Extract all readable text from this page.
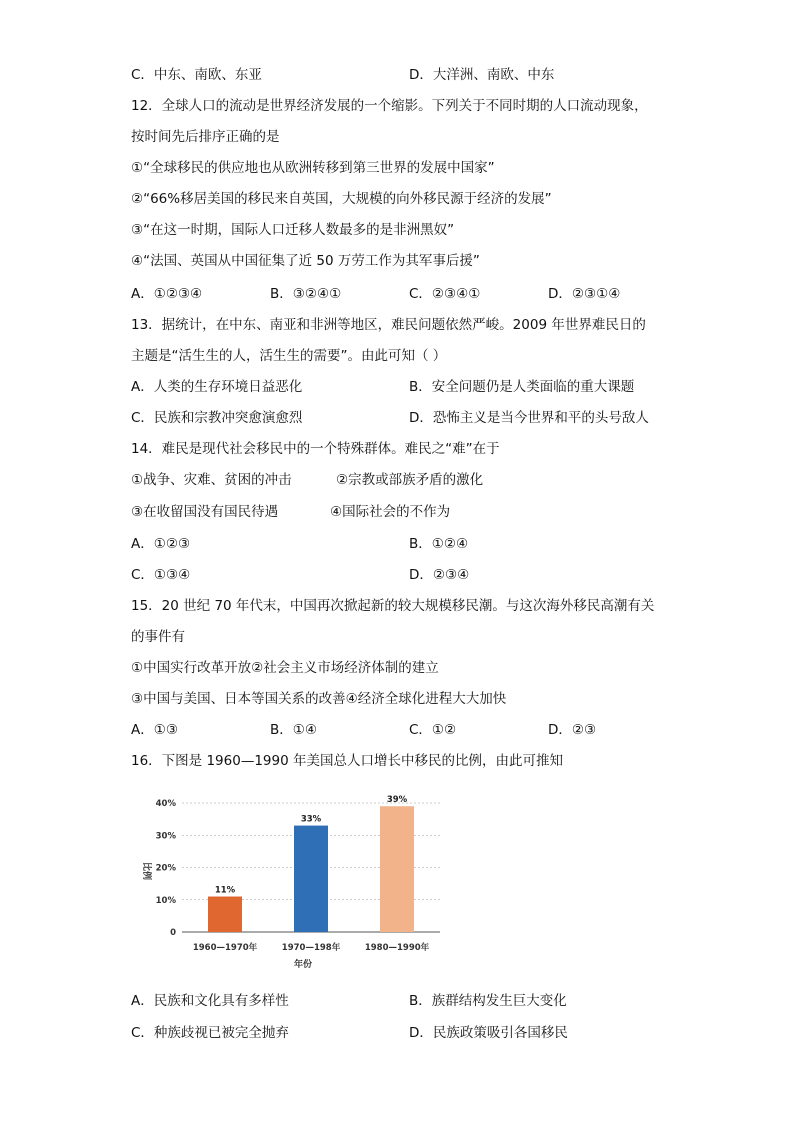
C．中东、南欧、东亚	D．大洋洲、南欧、中东
12．全球人口的流动是世界经济发展的一个缩影。下列关于不同时期的人口流动现象，
按时间先后排序正确的是
①“全球移民的供应地也从欧洲转移到第三世界的发展中国家”
②“66%移居美国的移民来自英国，大规模的向外移民源于经济的发展”
③“在这一时期，国际人口迁移人数最多的是非洲黑奴”
④“法国、英国从中国征集了近 50 万劳工作为其军事后援”
A．①②③④	B．③②④①	C．②③④①	D．②③①④
13．据统计，在中东、南亚和非洲等地区，难民问题依然严峻。2009 年世界难民日的
主题是“活生生的人，活生生的需要”。由此可知（ ）
A．人类的生存环境日益恶化	B．安全问题仍是人类面临的重大课题
C．民族和宗教冲突愈演愈烈	D．恐怖主义是当今世界和平的头号敌人
14．难民是现代社会移民中的一个特殊群体。难民之“难”在于
①战争、灾难、贫困的冲击	②宗教或部族矛盾的激化
③在收留国没有国民待遇	④国际社会的不作为
A．①②③	B．①②④
C．①③④	D．②③④
15．20 世纪 70 年代末，中国再次掀起新的较大规模移民潮。与这次海外移民高潮有关
的事件有
①中国实行改革开放②社会主义市场经济体制的建立
③中国与美国、日本等国关系的改善④经济全球化进程大大加快
A．①③	B．①④	C．①②	D．②③
16．下图是 1960—1990 年美国总人口增长中移民的比例，由此可推知
0
10%
20%
30%
40%
11%
33%
39%
1960—1970年	1970—198年	1980—1990年
比例
年份
A．民族和文化具有多样性	B．族群结构发生巨大变化
C．种族歧视已被完全抛弃	D．民族政策吸引各国移民
